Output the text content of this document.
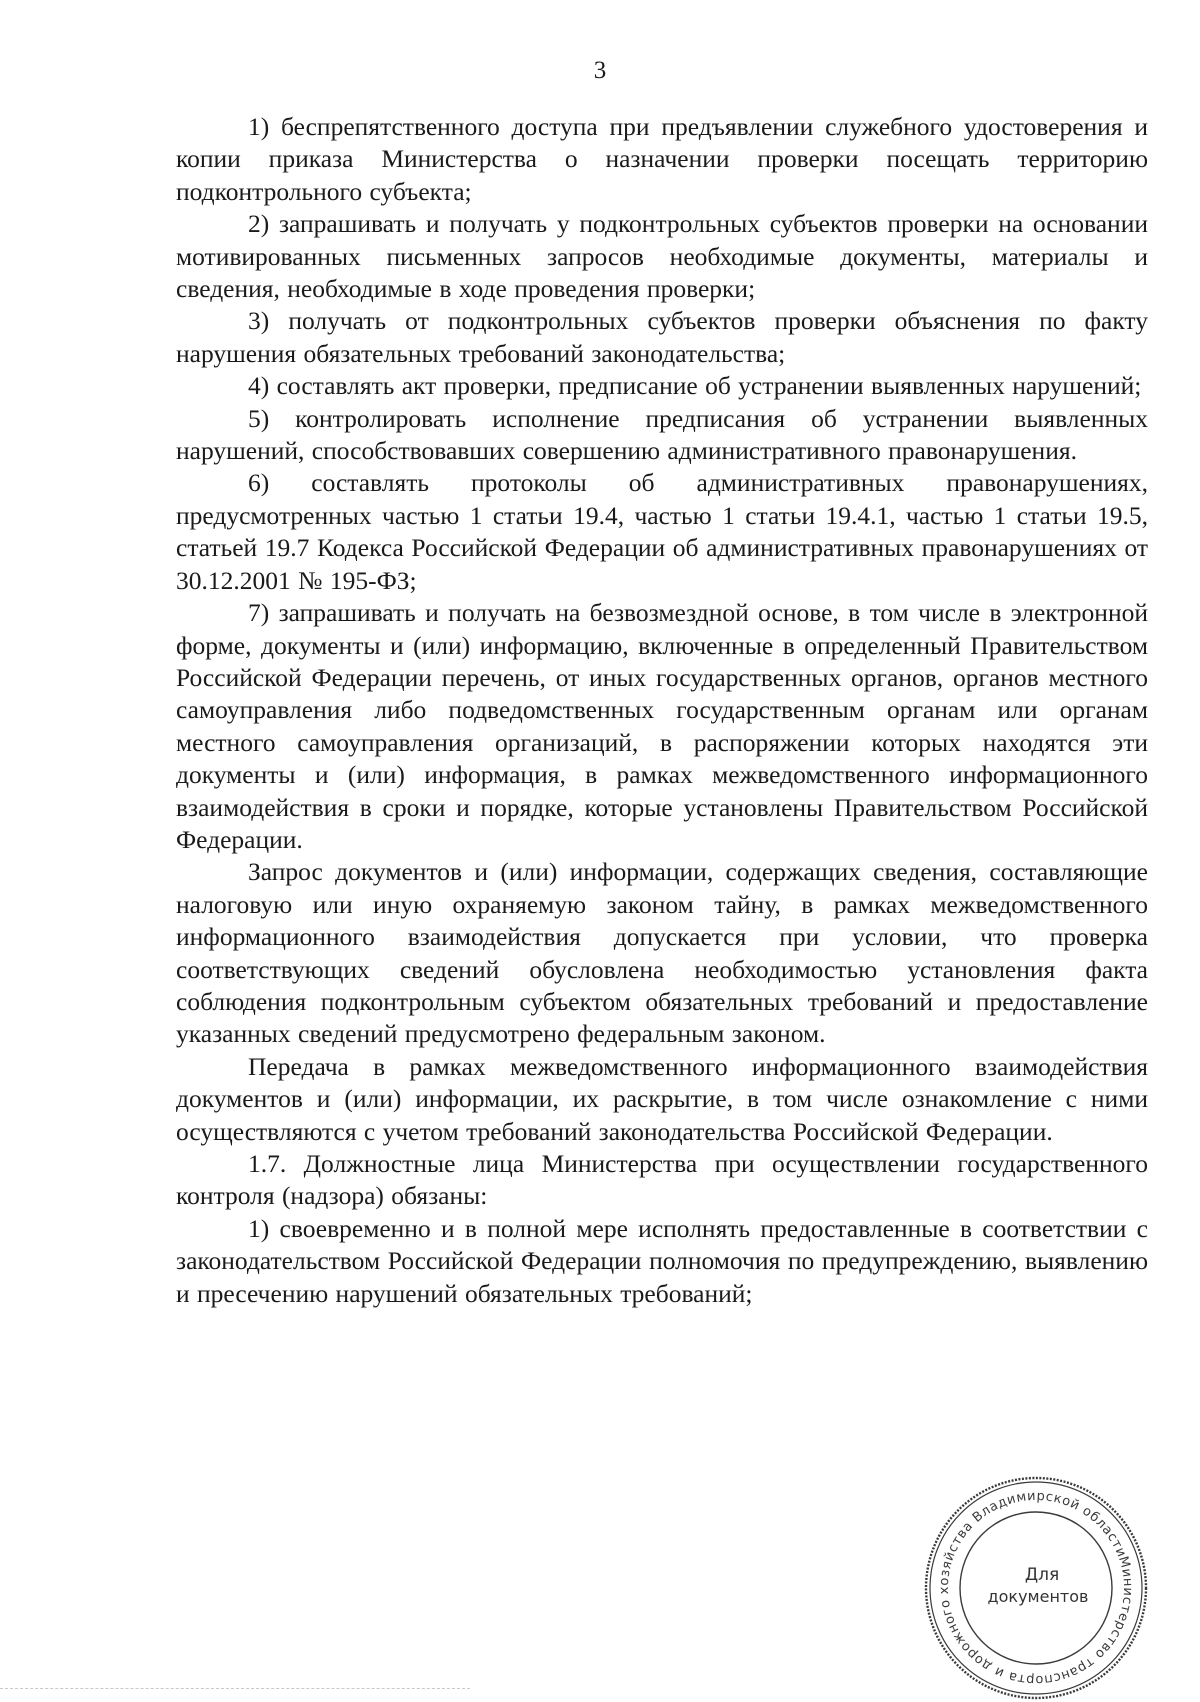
3

1) беспрепятственного доступа при предъявлении служебного удостоверения и копии приказа Министерства о назначении проверки посещать территорию подконтрольного субъекта;

2) запрашивать и получать у подконтрольных субъектов проверки на основании мотивированных письменных запросов необходимые документы, материалы и сведения, необходимые в ходе проведения проверки;

3) получать от подконтрольных субъектов проверки объяснения по факту нарушения обязательных требований законодательства;

4) составлять акт проверки, предписание об устранении выявленных нарушений;

5) контролировать исполнение предписания об устранении выявленных нарушений, способствовавших совершению административного правонарушения.

6) составлять протоколы об административных правонарушениях, предусмотренных частью 1 статьи 19.4, частью 1 статьи 19.4.1, частью 1 статьи 19.5, статьей 19.7 Кодекса Российской Федерации об административных правонарушениях от 30.12.2001 № 195-ФЗ;

7) запрашивать и получать на безвозмездной основе, в том числе в электронной форме, документы и (или) информацию, включенные в определенный Правительством Российской Федерации перечень, от иных государственных органов, органов местного самоуправления либо подведомственных государственным органам или органам местного самоуправления организаций, в распоряжении которых находятся эти документы и (или) информация, в рамках межведомственного информационного взаимодействия в сроки и порядке, которые установлены Правительством Российской Федерации.

Запрос документов и (или) информации, содержащих сведения, составляющие налоговую или иную охраняемую законом тайну, в рамках межведомственного информационного взаимодействия допускается при условии, что проверка соответствующих сведений обусловлена необходимостью установления факта соблюдения подконтрольным субъектом обязательных требований и предоставление указанных сведений предусмотрено федеральным законом.

Передача в рамках межведомственного информационного взаимодействия документов и (или) информации, их раскрытие, в том числе ознакомление с ними осуществляются с учетом требований законодательства Российской Федерации.

1.7. Должностные лица Министерства при осуществлении государственного контроля (надзора) обязаны:

1) своевременно и в полной мере исполнять предоставленные в соответствии с законодательством Российской Федерации полномочия по предупреждению, выявлению и пресечению нарушений обязательных требований;

Министерство транспорта и дорожного хозяйства Владимирской области
Для
документов
